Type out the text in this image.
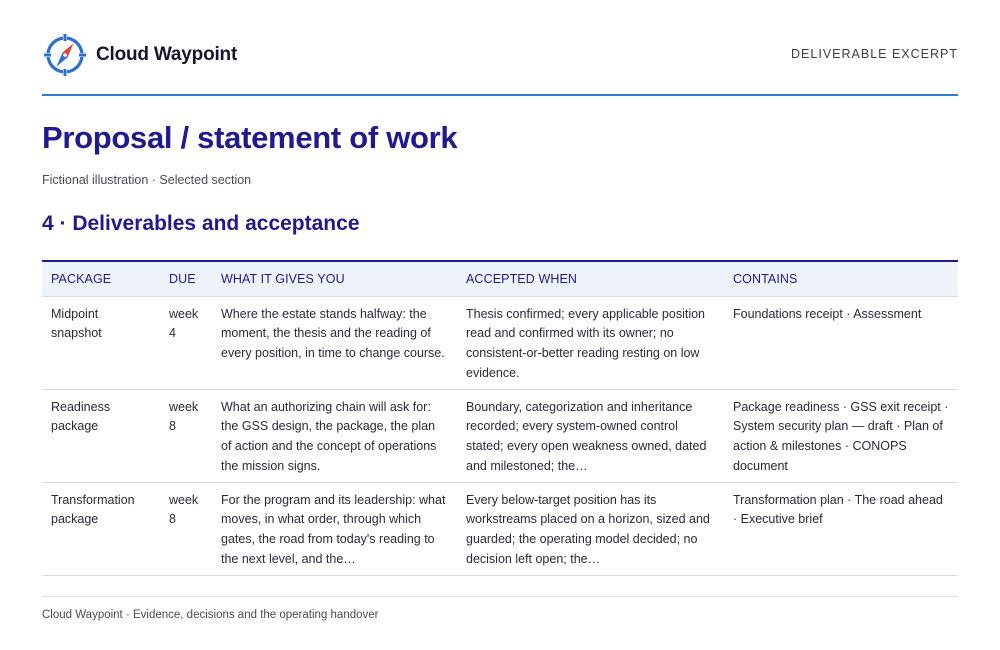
Cloud Waypoint	DELIVERABLE EXCERPT
Proposal / statement of work
Fictional illustration · Selected section
4 · Deliverables and acceptance
PACKAGE	DUE	WHAT IT GIVES YOU	ACCEPTED WHEN	CONTAINS

Midpoint snapshot	week 4	Where the estate stands halfway: the moment, the thesis and the reading of every position, in time to change course.	Thesis confirmed; every applicable position read and confirmed with its owner; no consistent-or-better reading resting on low evidence.	Foundations receipt · Assessment

Readiness package	week 8	What an authorizing chain will ask for: the GSS design, the package, the plan of action and the concept of operations the mission signs.	Boundary, categorization and inheritance recorded; every system-owned control stated; every open weakness owned, dated and milestoned; the…	Package readiness · GSS exit receipt · System security plan — draft · Plan of action & milestones · CONOPS document

Transformation package	week 8	For the program and its leadership: what moves, in what order, through which gates, the road from today's reading to the next level, and the…	Every below-target position has its workstreams placed on a horizon, sized and guarded; the operating model decided; no decision left open; the…	Transformation plan · The road ahead · Executive brief
Cloud Waypoint · Evidence, decisions and the operating handover
